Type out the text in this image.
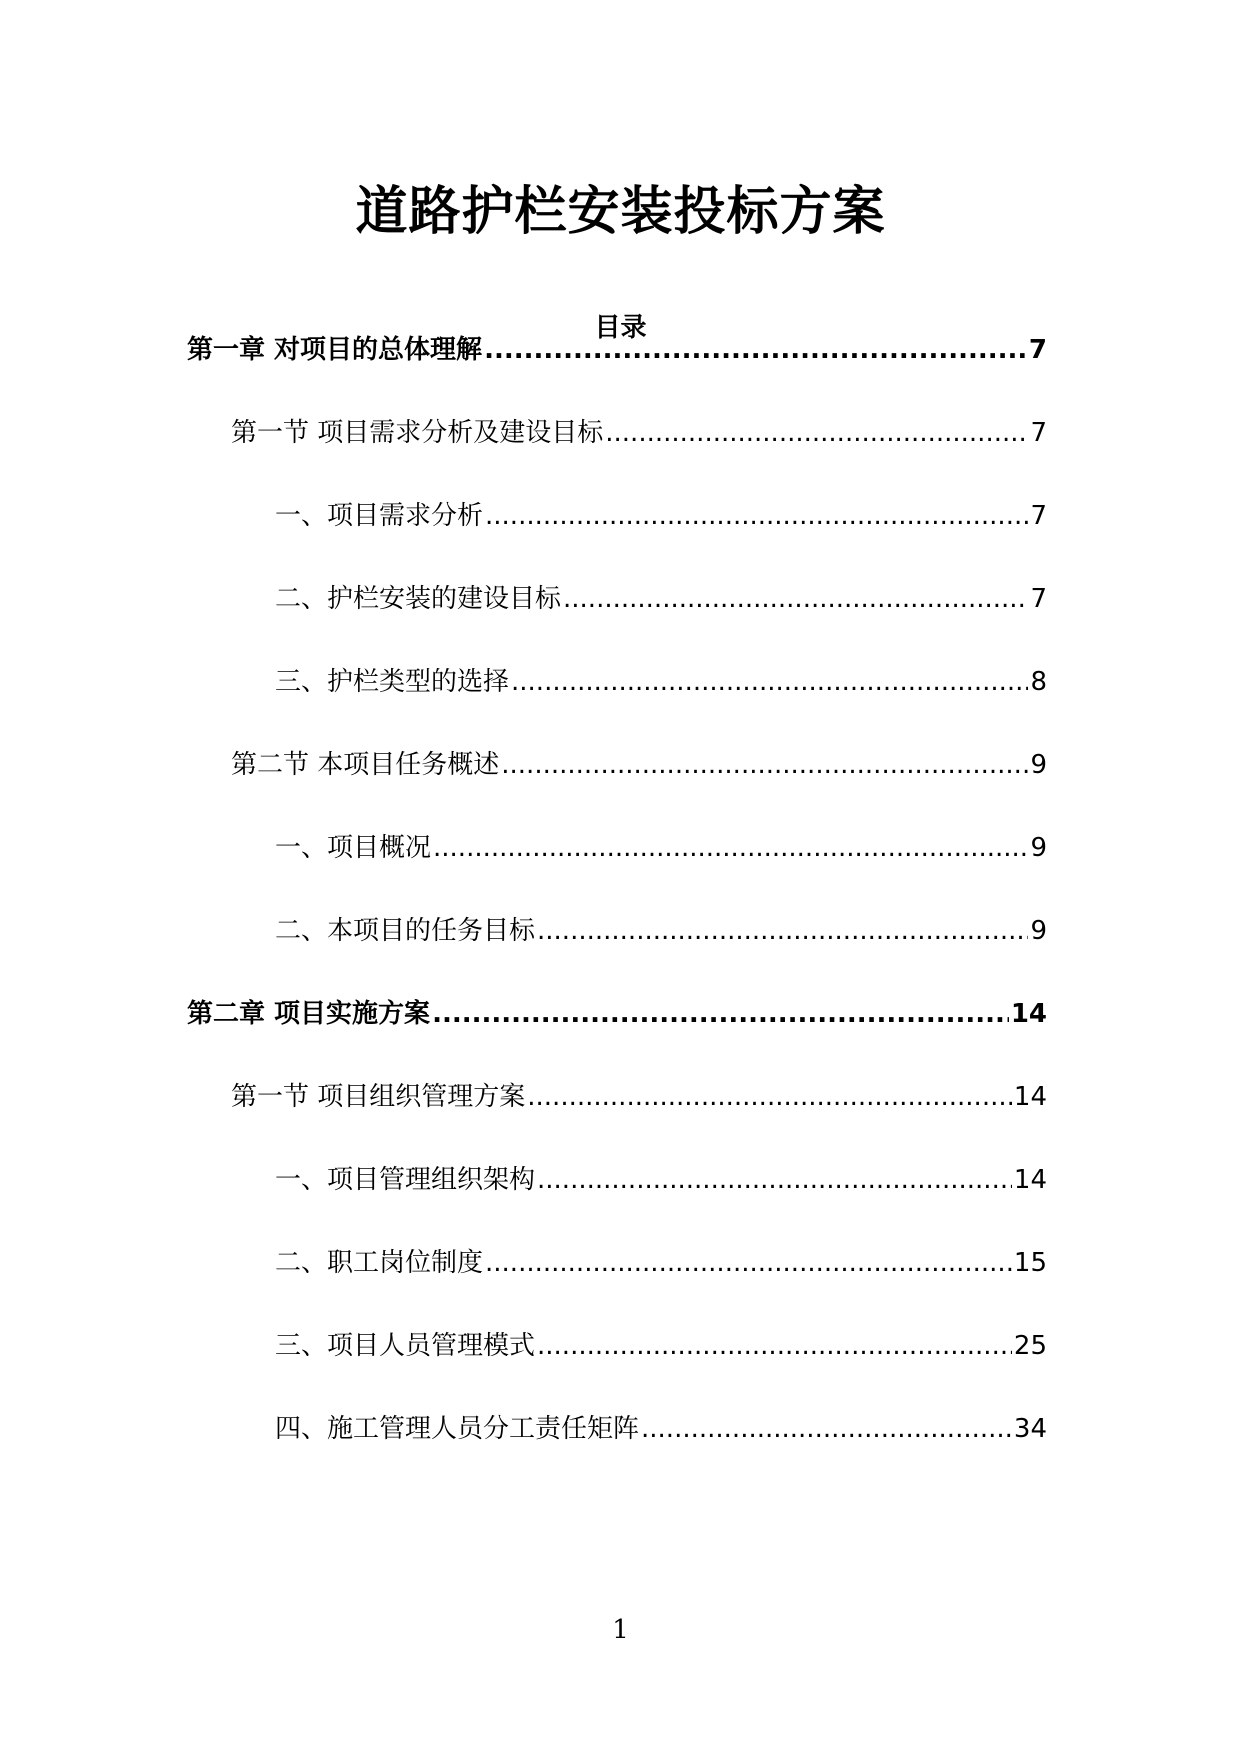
道路护栏安装投标方案
目录
第一章 对项目的总体理解 .....	7
第一节 项目需求分析及建设目标 .....	7
一、项目需求分析 .....	7
二、护栏安装的建设目标 .....	7
三、护栏类型的选择 .....	8
第二节 本项目任务概述 .....	9
一、项目概况 .....	9
二、本项目的任务目标 .....	9
第二章 项目实施方案 .....	14
第一节 项目组织管理方案 .....	14
一、项目管理组织架构 .....	14
二、职工岗位制度 .....	15
三、项目人员管理模式 .....	25
四、施工管理人员分工责任矩阵 .....	34
1
